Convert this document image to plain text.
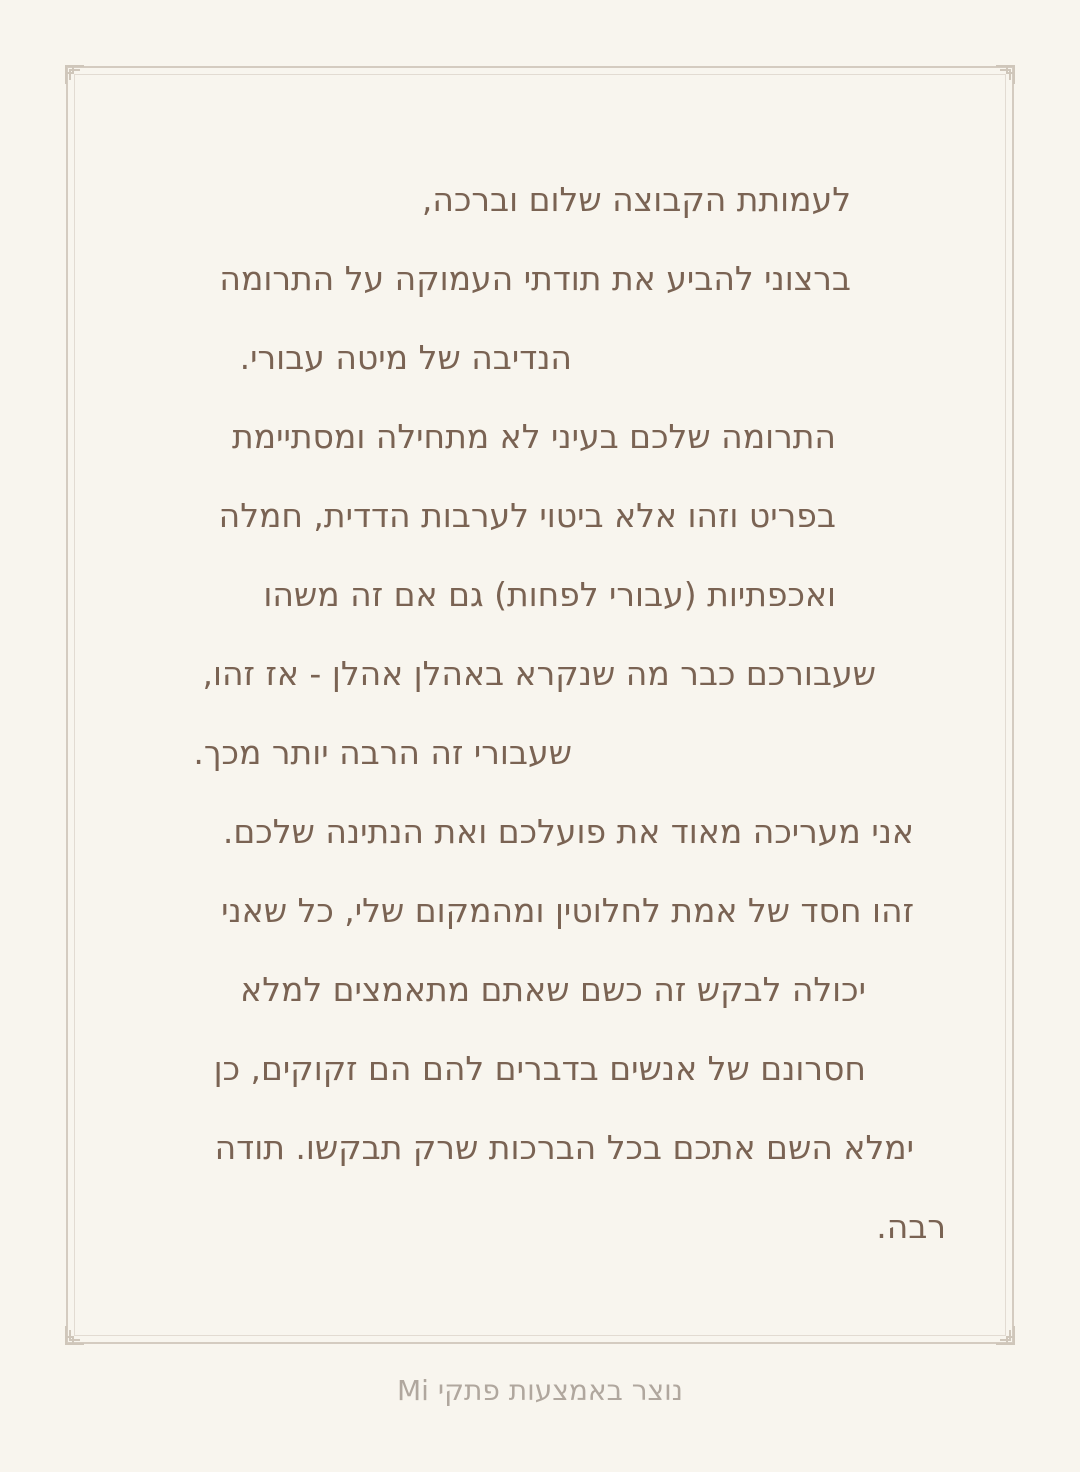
לעמותת הקבוצה שלום וברכה,
ברצוני להביע את תודתי העמוקה על התרומה
הנדיבה של מיטה עבורי.
התרומה שלכם בעיני לא מתחילה ומסתיימת
בפריט וזהו אלא ביטוי לערבות הדדית, חמלה
ואכפתיות (עבורי לפחות) גם אם זה משהו
שעבורכם כבר מה שנקרא באהלן אהלן - אז זהו,
שעבורי זה הרבה יותר מכך.
אני מעריכה מאוד את פועלכם ואת הנתינה שלכם.
זהו חסד של אמת לחלוטין ומהמקום שלי, כל שאני
יכולה לבקש זה כשם שאתם מתאמצים למלא
חסרונם של אנשים בדברים להם הם זקוקים, כן
ימלא השם אתכם בכל הברכות שרק תבקשו. תודה
רבה.
נוצר באמצעות פתקי Mi
